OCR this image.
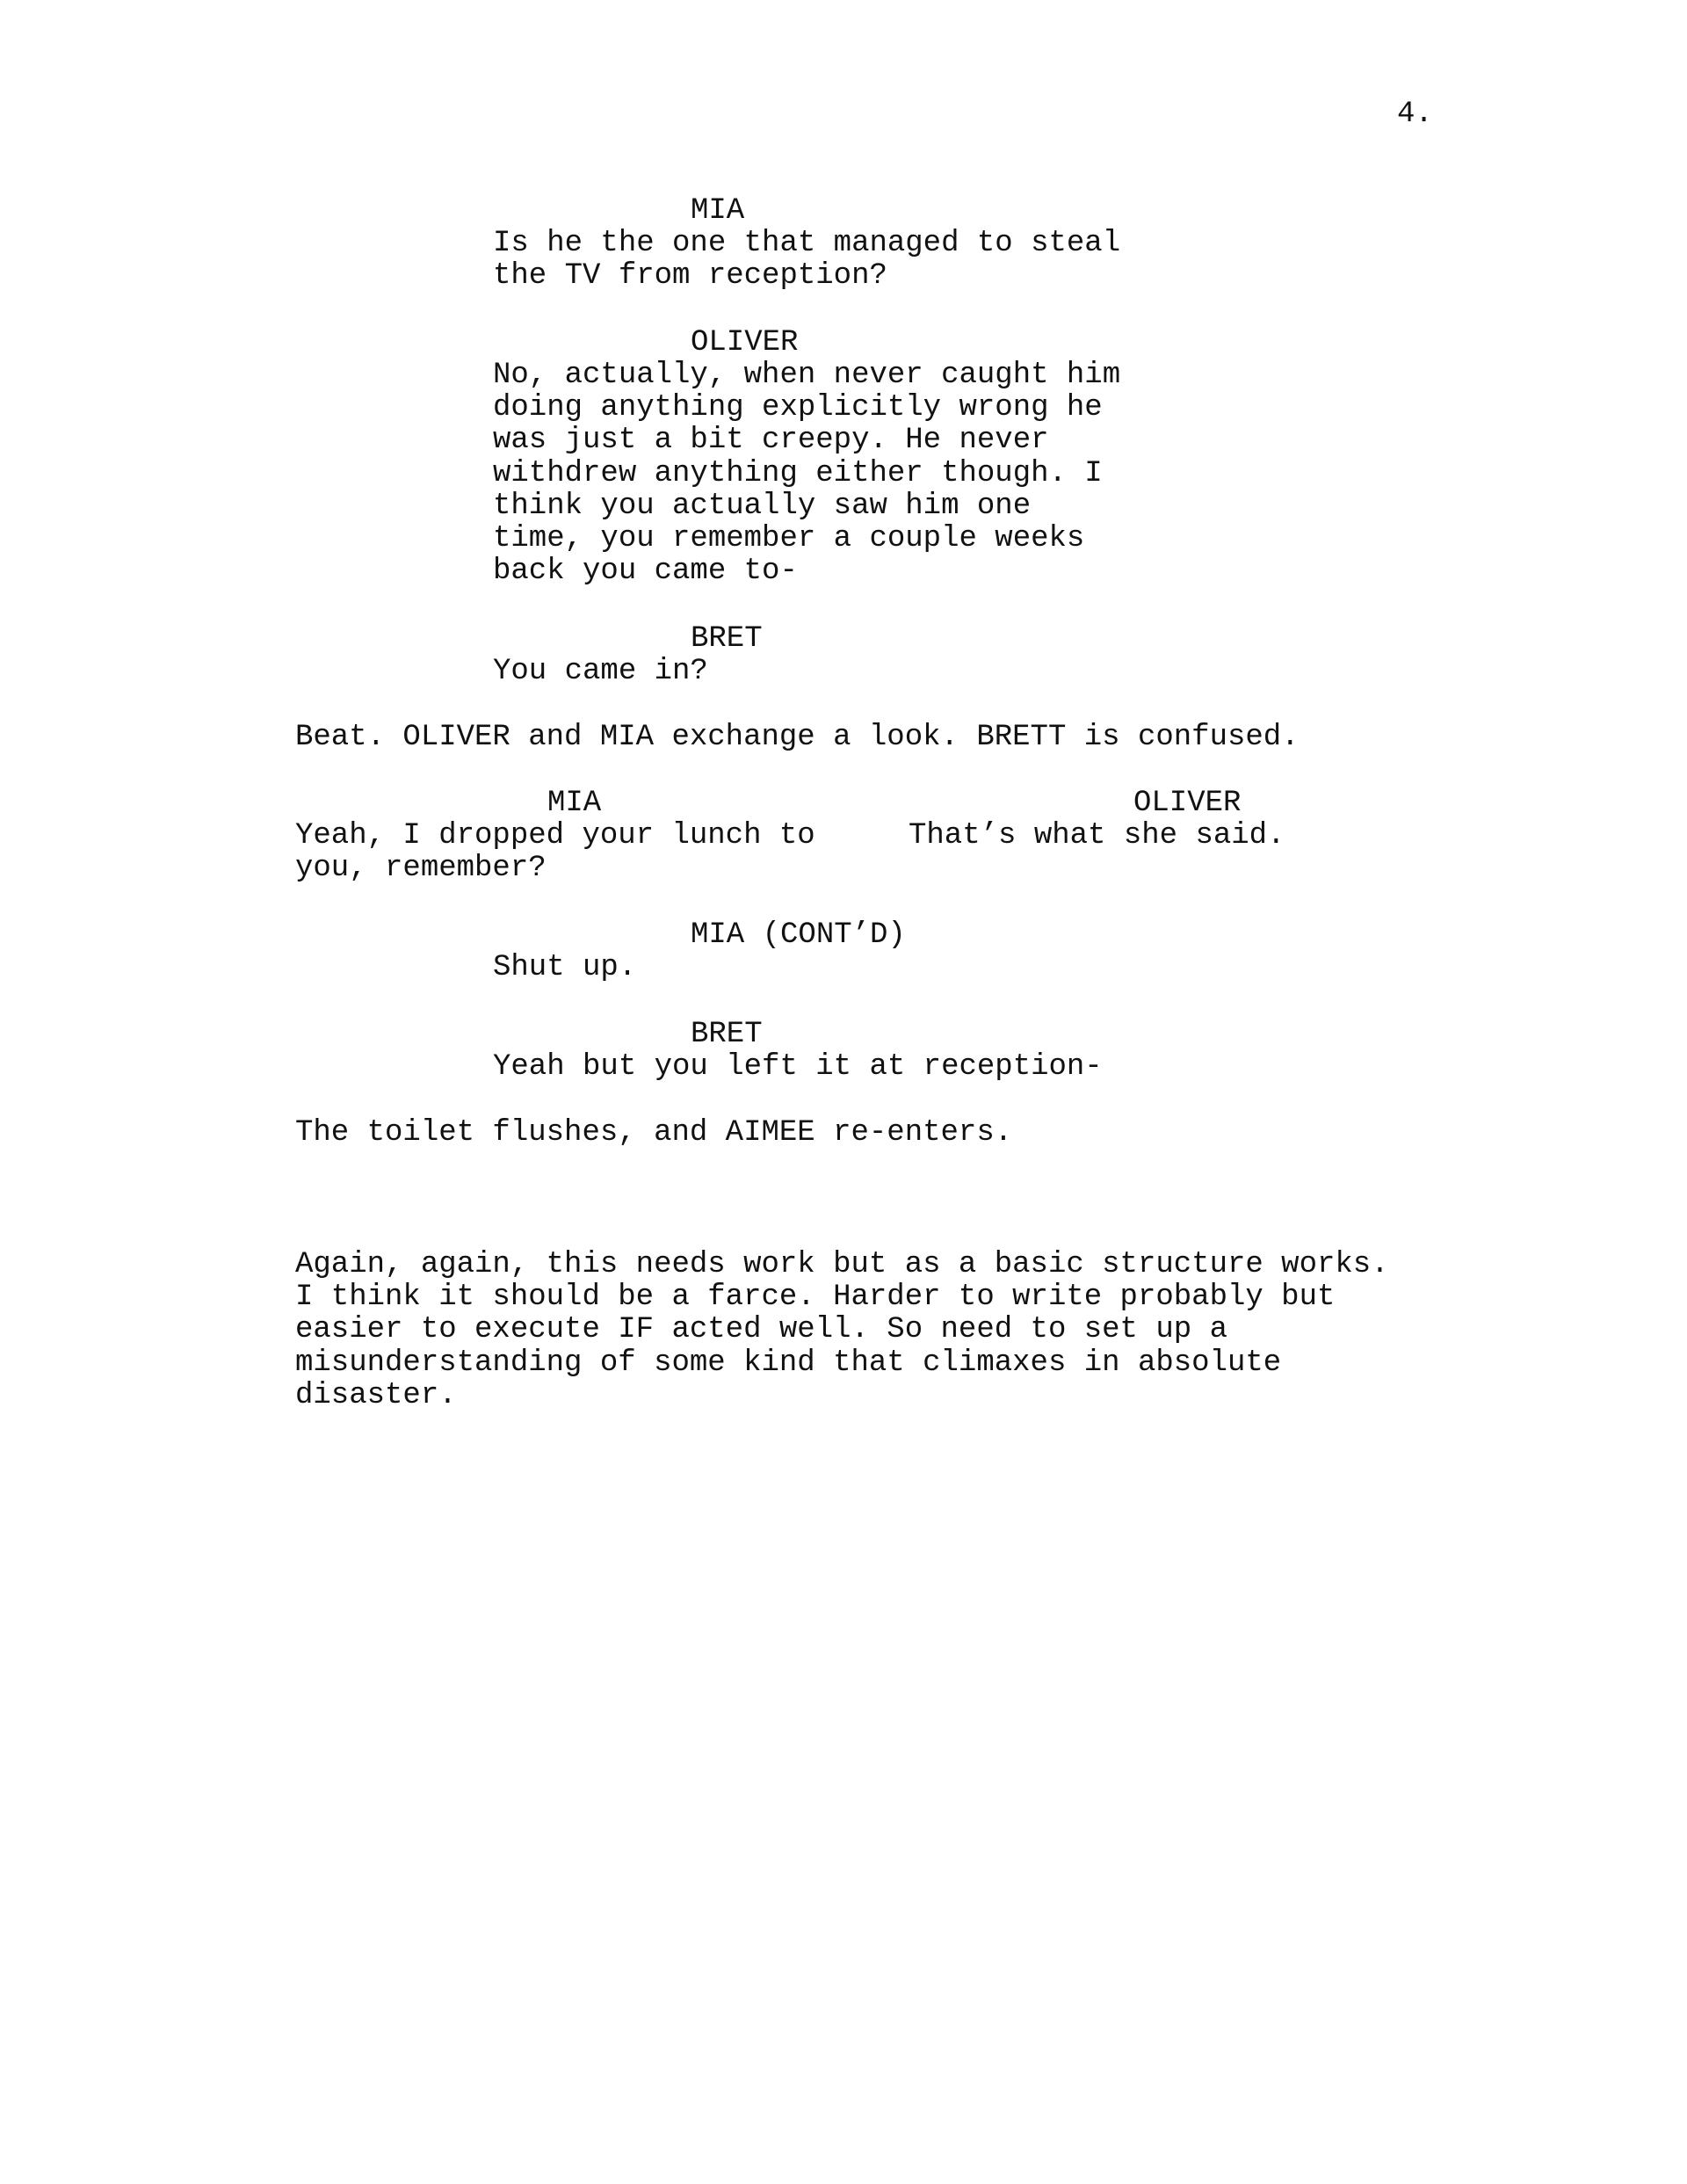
4.
MIA
Is he the one that managed to steal
the TV from reception?
OLIVER
No, actually, when never caught him
doing anything explicitly wrong he
was just a bit creepy. He never
withdrew anything either though. I
think you actually saw him one
time, you remember a couple weeks
back you came to-
BRET
You came in?
Beat. OLIVER and MIA exchange a look. BRETT is confused.
MIA
Yeah, I dropped your lunch to
you, remember?
OLIVER
That’s what she said.
MIA (CONT’D)
Shut up.
BRET
Yeah but you left it at reception-
The toilet flushes, and AIMEE re-enters.
Again, again, this needs work but as a basic structure works.
I think it should be a farce. Harder to write probably but
easier to execute IF acted well. So need to set up a
misunderstanding of some kind that climaxes in absolute
disaster.
